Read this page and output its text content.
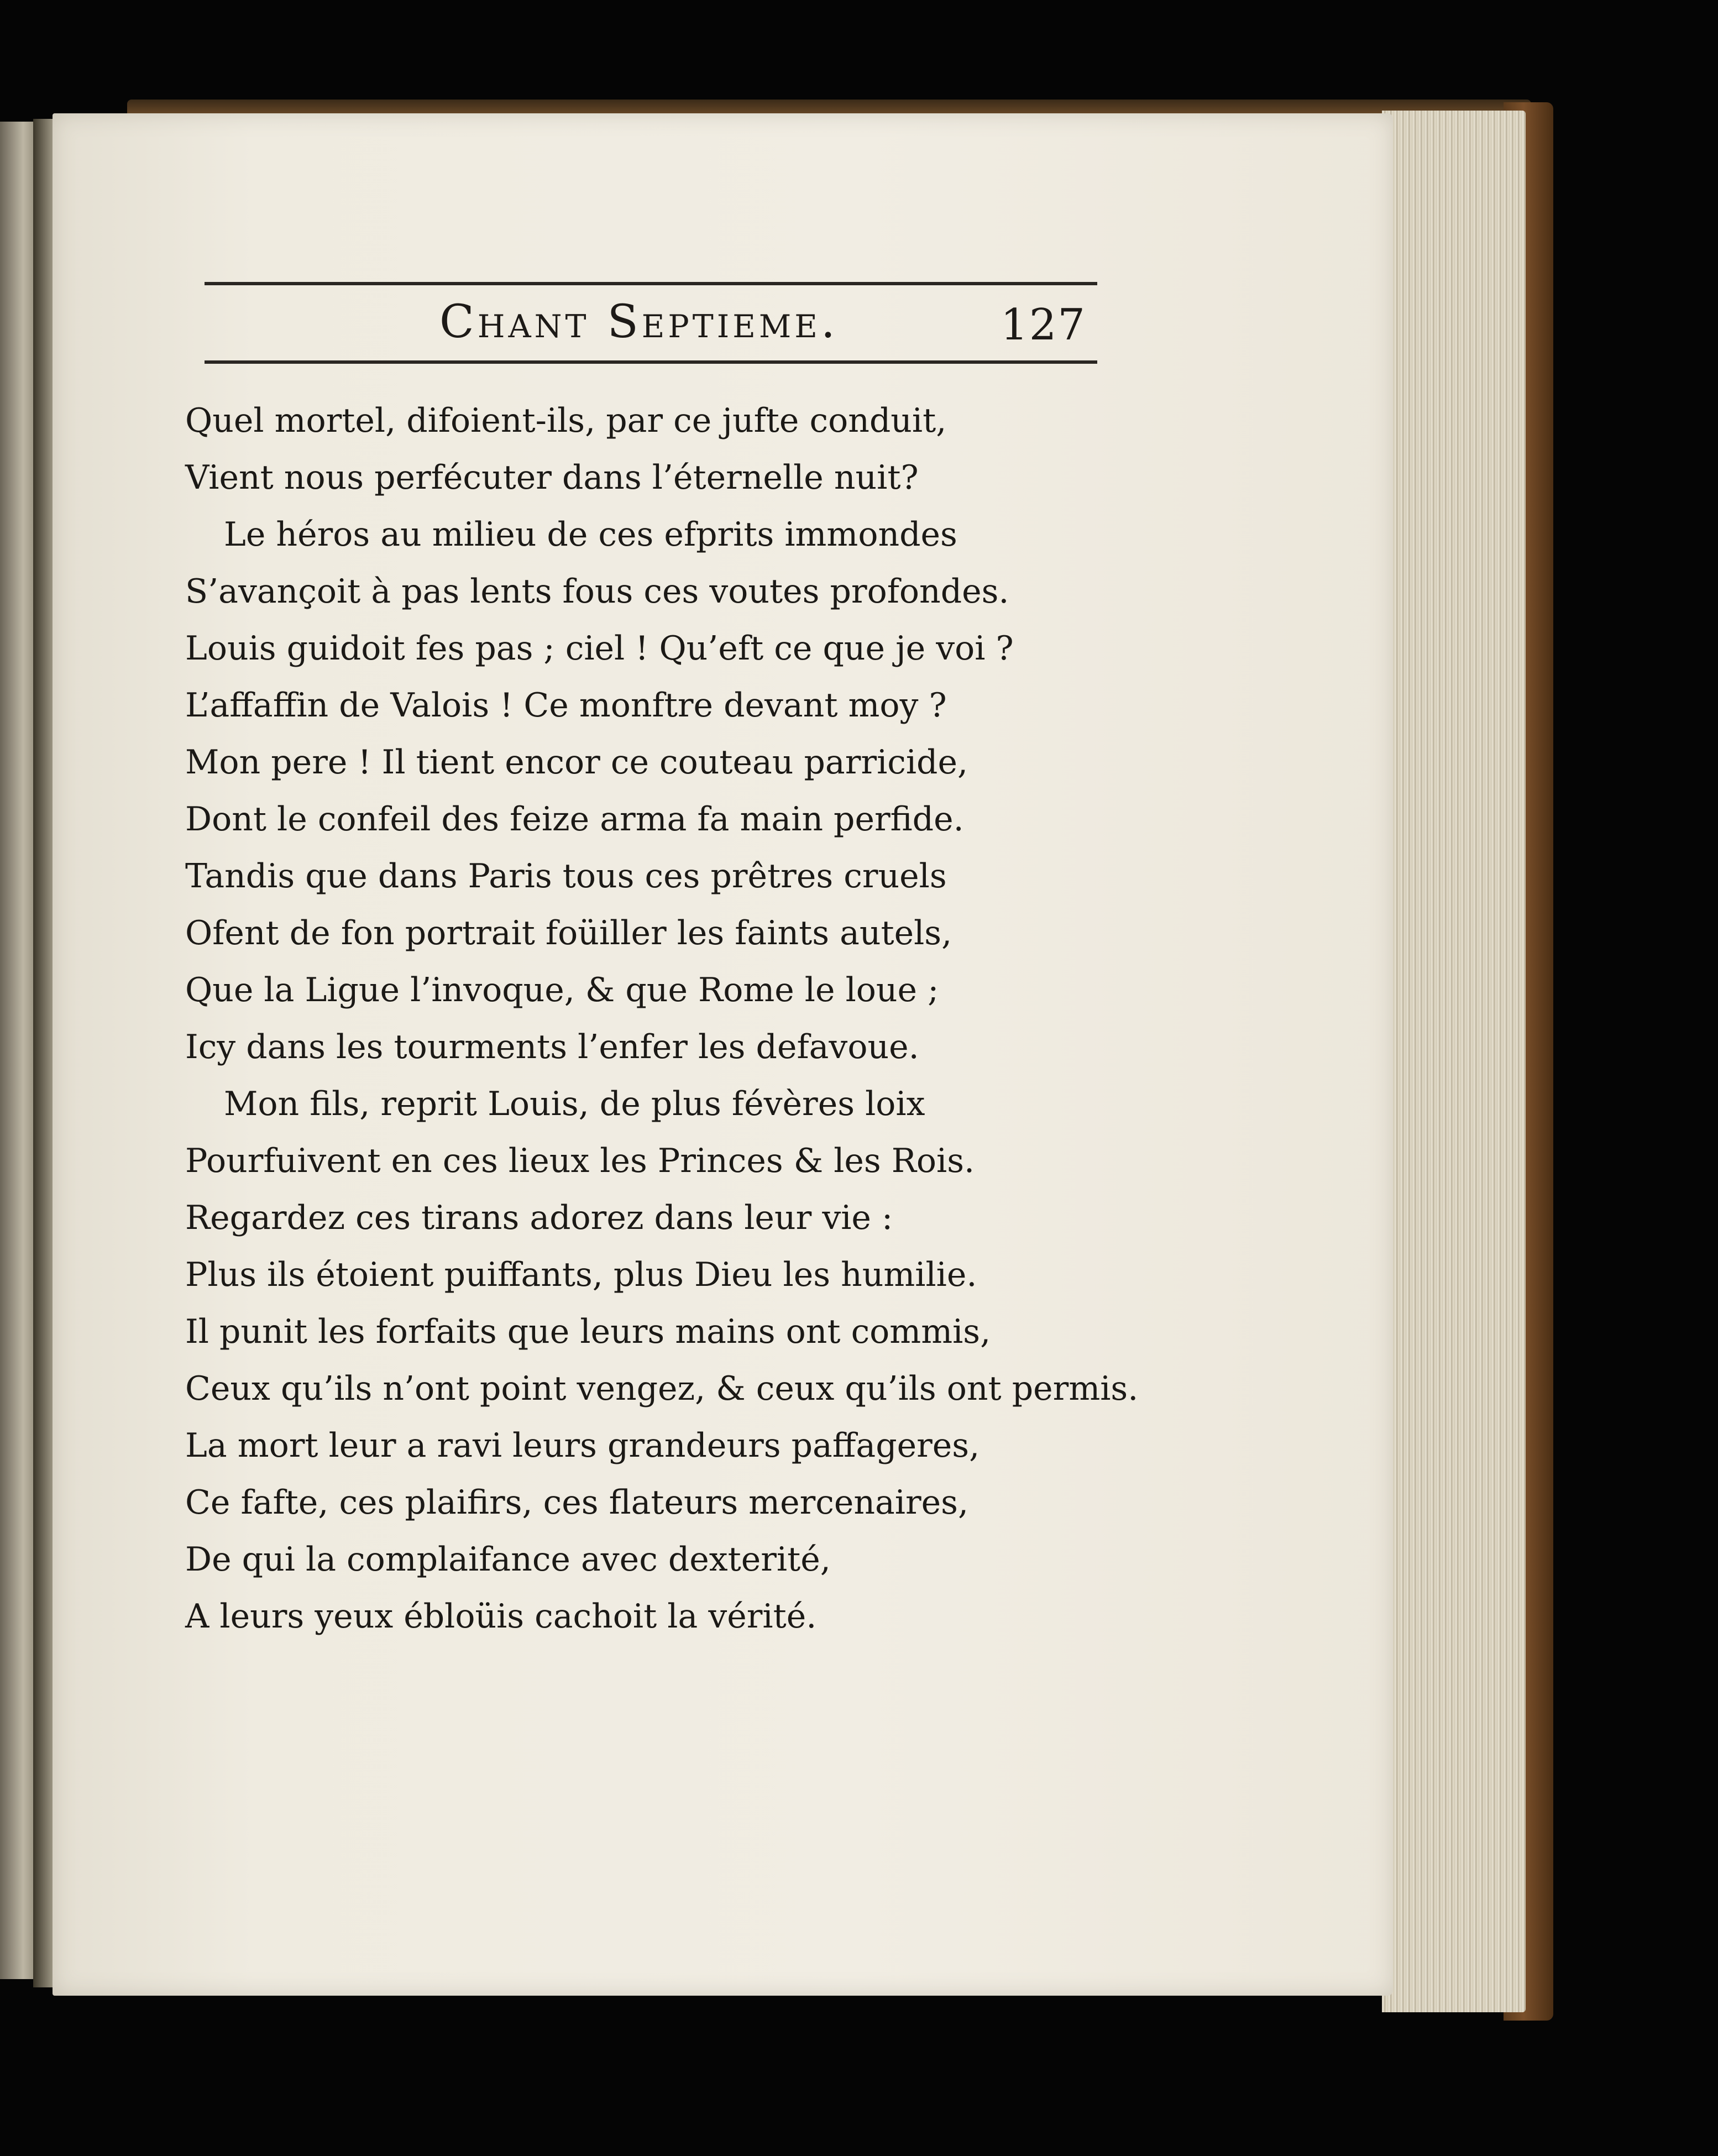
Chant Septieme.	127
Quel mortel, difoient-ils, par ce jufte conduit,
Vient nous perfécuter dans l’éternelle nuit?
Le héros au milieu de ces efprits immondes
S’avançoit à pas lents fous ces voutes profondes.
Louis guidoit fes pas ; ciel ! Qu’eft ce que je voi ?
L’affaffin de Valois ! Ce monftre devant moy ?
Mon pere ! Il tient encor ce couteau parricide,
Dont le confeil des feize arma fa main perfide.
Tandis que dans Paris tous ces prêtres cruels
Ofent de fon portrait foüiller les faints autels,
Que la Ligue l’invoque, & que Rome le loue ;
Icy dans les tourments l’enfer les defavoue.
Mon fils, reprit Louis, de plus févères loix
Pourfuivent en ces lieux les Princes & les Rois.
Regardez ces tirans adorez dans leur vie :
Plus ils étoient puiffants, plus Dieu les humilie.
Il punit les forfaits que leurs mains ont commis,
Ceux qu’ils n’ont point vengez, & ceux qu’ils ont permis.
La mort leur a ravi leurs grandeurs paffageres,
Ce fafte, ces plaifirs, ces flateurs mercenaires,
De qui la complaifance avec dexterité,
A leurs yeux ébloüis cachoit la vérité.
